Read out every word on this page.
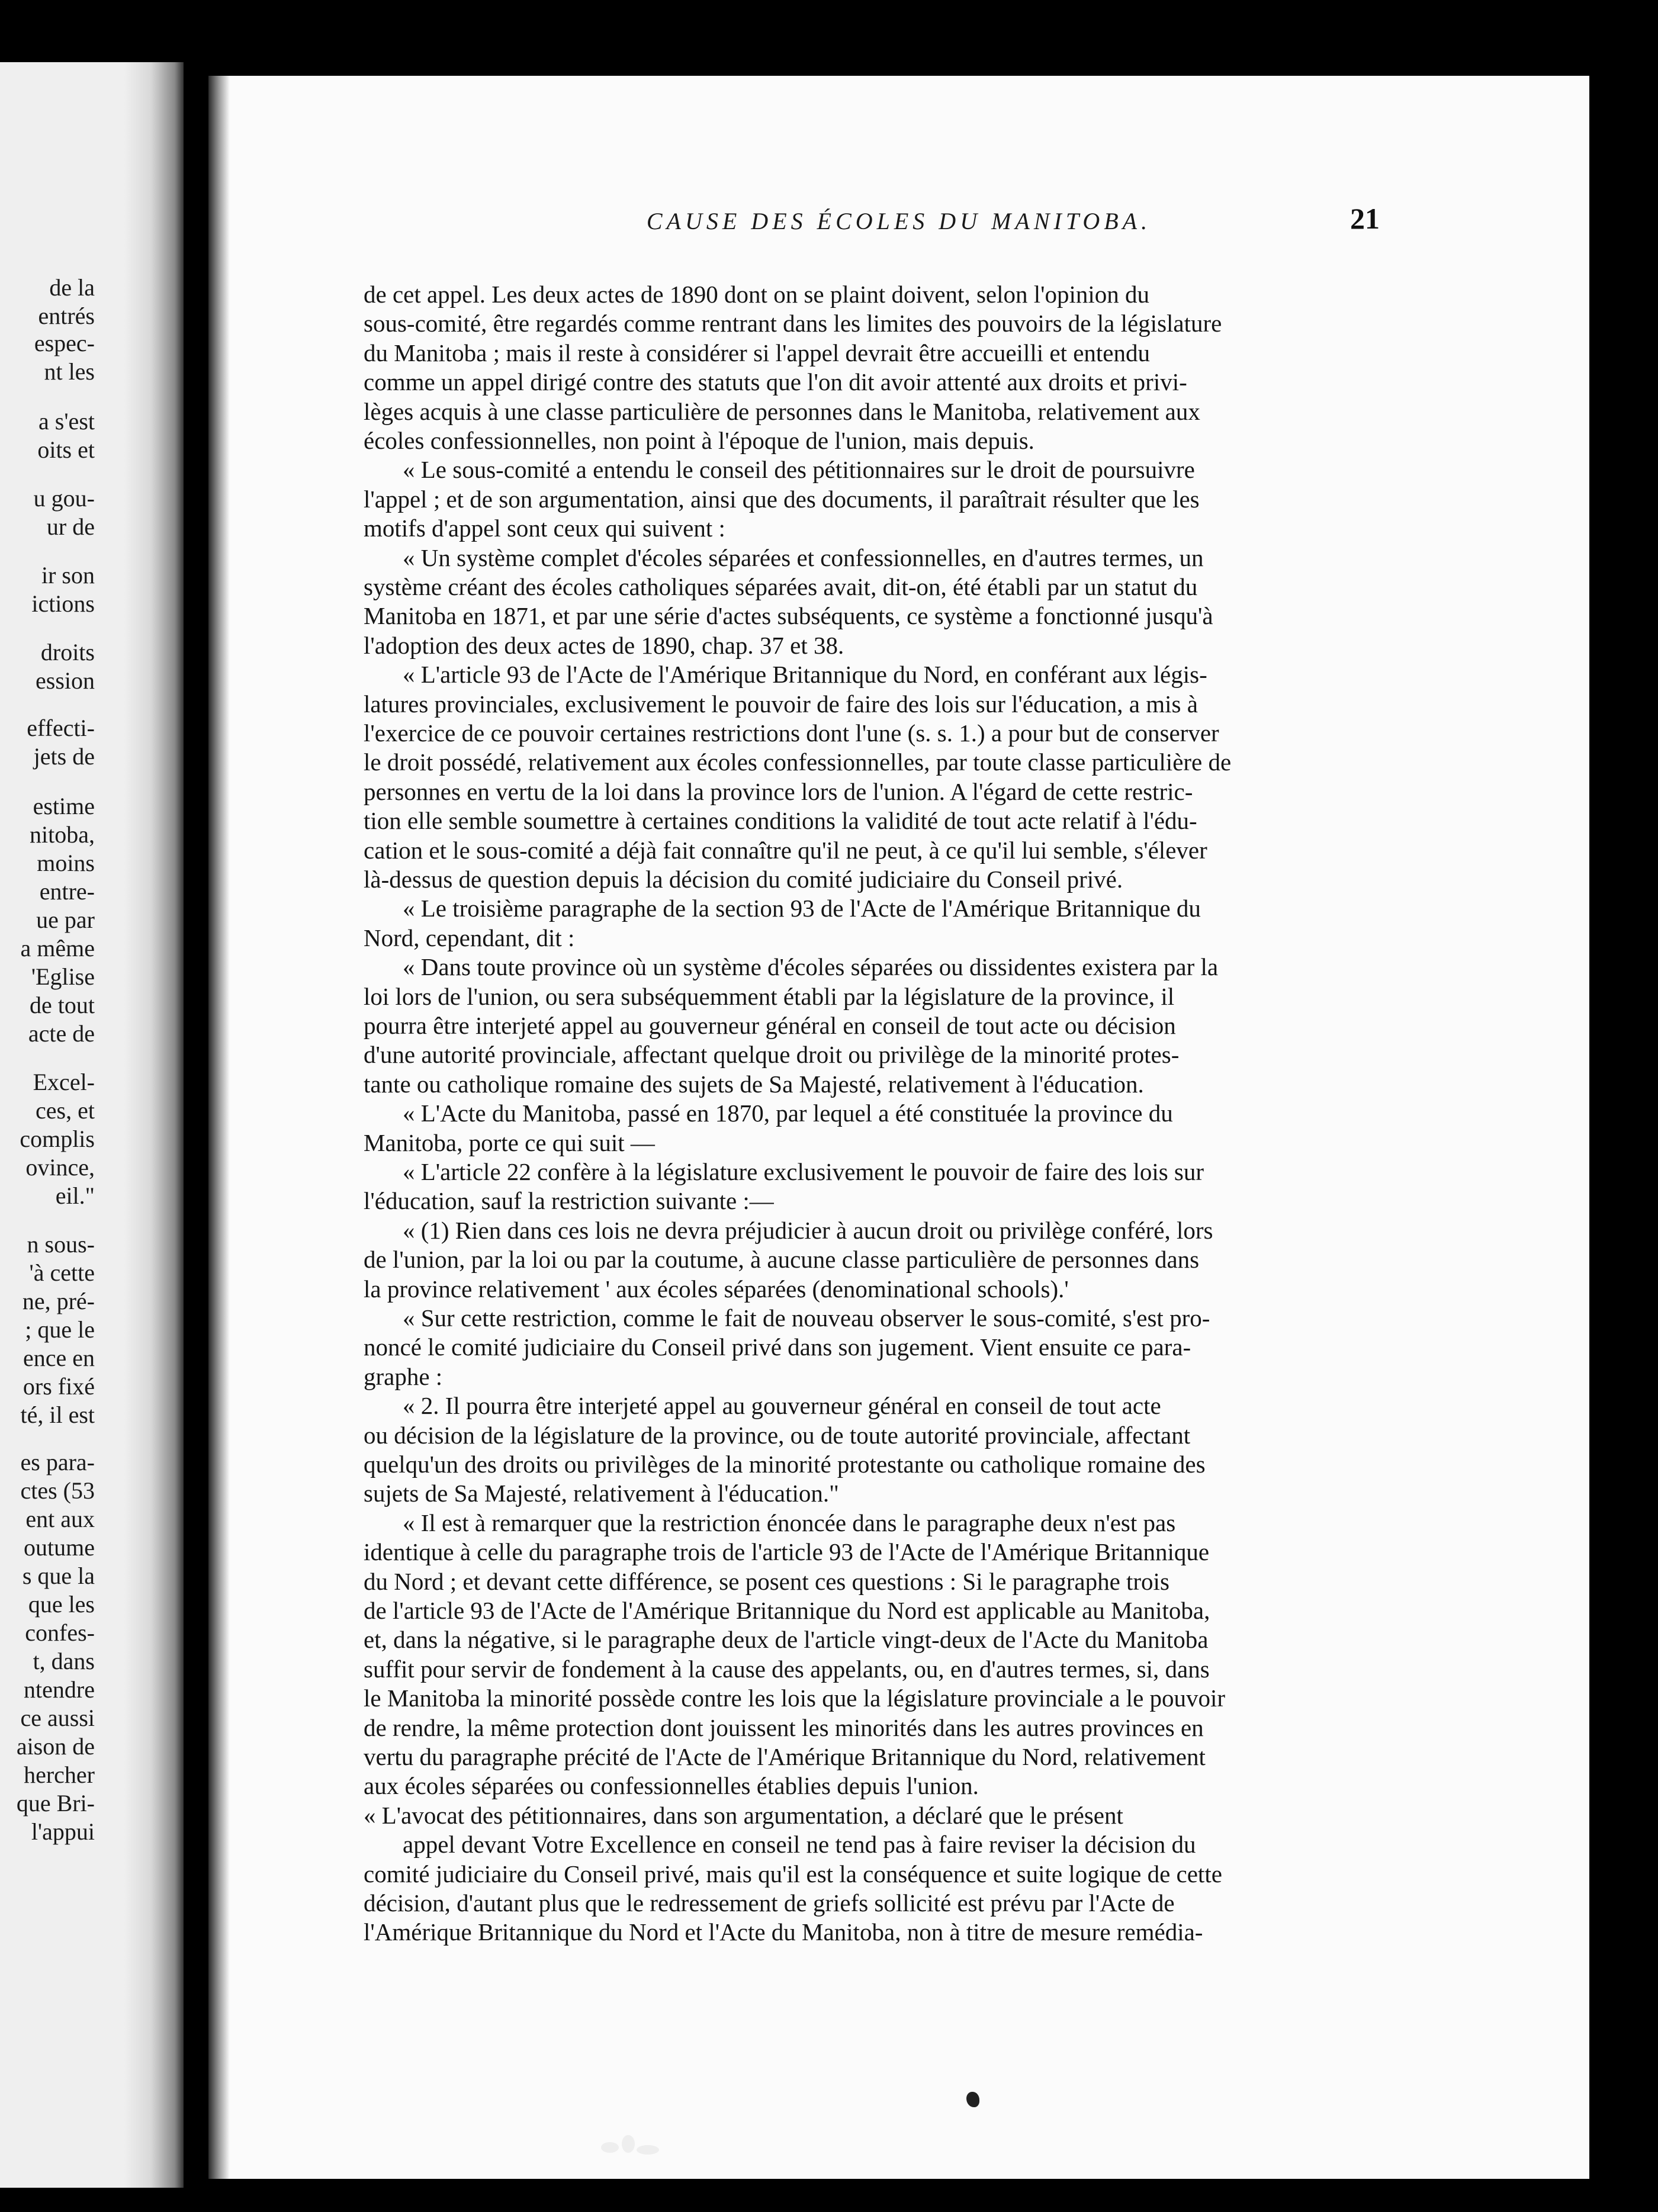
de la
entrés
espec-
nt les
a s'est
oits et
u gou-
ur de
ir son
ictions
droits
ession
effecti-
jets de
estime
nitoba,
moins
entre-
ue par
a même
'Eglise
de tout
acte de
Excel-
ces, et
complis
ovince,
eil."
n sous-
'à cette
ne, pré-
; que le
ence en
ors fixé
té, il est
es para-
ctes (53
ent aux
outume
s que la
que les
confes-
t, dans
ntendre
ce aussi
aison de
hercher
que Bri-
l'appui
CAUSE DES ÉCOLES DU MANITOBA.	21
de cet appel. Les deux actes de 1890 dont on se plaint doivent, selon l'opinion du
sous-comité, être regardés comme rentrant dans les limites des pouvoirs de la législature
du Manitoba ; mais il reste à considérer si l'appel devrait être accueilli et entendu
comme un appel dirigé contre des statuts que l'on dit avoir attenté aux droits et privi-
lèges acquis à une classe particulière de personnes dans le Manitoba, relativement aux
écoles confessionnelles, non point à l'époque de l'union, mais depuis.
« Le sous-comité a entendu le conseil des pétitionnaires sur le droit de poursuivre
l'appel ; et de son argumentation, ainsi que des documents, il paraîtrait résulter que les
motifs d'appel sont ceux qui suivent :
« Un système complet d'écoles séparées et confessionnelles, en d'autres termes, un
système créant des écoles catholiques séparées avait, dit-on, été établi par un statut du
Manitoba en 1871, et par une série d'actes subséquents, ce système a fonctionné jusqu'à
l'adoption des deux actes de 1890, chap. 37 et 38.
« L'article 93 de l'Acte de l'Amérique Britannique du Nord, en conférant aux légis-
latures provinciales, exclusivement le pouvoir de faire des lois sur l'éducation, a mis à
l'exercice de ce pouvoir certaines restrictions dont l'une (s. s. 1.) a pour but de conserver
le droit possédé, relativement aux écoles confessionnelles, par toute classe particulière de
personnes en vertu de la loi dans la province lors de l'union. A l'égard de cette restric-
tion elle semble soumettre à certaines conditions la validité de tout acte relatif à l'édu-
cation et le sous-comité a déjà fait connaître qu'il ne peut, à ce qu'il lui semble, s'élever
là-dessus de question depuis la décision du comité judiciaire du Conseil privé.
« Le troisième paragraphe de la section 93 de l'Acte de l'Amérique Britannique du
Nord, cependant, dit :
« Dans toute province où un système d'écoles séparées ou dissidentes existera par la
loi lors de l'union, ou sera subséquemment établi par la législature de la province, il
pourra être interjeté appel au gouverneur général en conseil de tout acte ou décision
d'une autorité provinciale, affectant quelque droit ou privilège de la minorité protes-
tante ou catholique romaine des sujets de Sa Majesté, relativement à l'éducation.
« L'Acte du Manitoba, passé en 1870, par lequel a été constituée la province du
Manitoba, porte ce qui suit —
« L'article 22 confère à la législature exclusivement le pouvoir de faire des lois sur
l'éducation, sauf la restriction suivante :—
« (1) Rien dans ces lois ne devra préjudicier à aucun droit ou privilège conféré, lors
de l'union, par la loi ou par la coutume, à aucune classe particulière de personnes dans
la province relativement ' aux écoles séparées (denominational schools).'
« Sur cette restriction, comme le fait de nouveau observer le sous-comité, s'est pro-
noncé le comité judiciaire du Conseil privé dans son jugement. Vient ensuite ce para-
graphe :
« 2. Il pourra être interjeté appel au gouverneur général en conseil de tout acte
ou décision de la législature de la province, ou de toute autorité provinciale, affectant
quelqu'un des droits ou privilèges de la minorité protestante ou catholique romaine des
sujets de Sa Majesté, relativement à l'éducation."
« Il est à remarquer que la restriction énoncée dans le paragraphe deux n'est pas
identique à celle du paragraphe trois de l'article 93 de l'Acte de l'Amérique Britannique
du Nord ; et devant cette différence, se posent ces questions : Si le paragraphe trois
de l'article 93 de l'Acte de l'Amérique Britannique du Nord est applicable au Manitoba,
et, dans la négative, si le paragraphe deux de l'article vingt-deux de l'Acte du Manitoba
suffit pour servir de fondement à la cause des appelants, ou, en d'autres termes, si, dans
le Manitoba la minorité possède contre les lois que la législature provinciale a le pouvoir
de rendre, la même protection dont jouissent les minorités dans les autres provinces en
vertu du paragraphe précité de l'Acte de l'Amérique Britannique du Nord, relativement
aux écoles séparées ou confessionnelles établies depuis l'union.
« L'avocat des pétitionnaires, dans son argumentation, a déclaré que le présent
appel devant Votre Excellence en conseil ne tend pas à faire reviser la décision du
comité judiciaire du Conseil privé, mais qu'il est la conséquence et suite logique de cette
décision, d'autant plus que le redressement de griefs sollicité est prévu par l'Acte de
l'Amérique Britannique du Nord et l'Acte du Manitoba, non à titre de mesure remédia-
